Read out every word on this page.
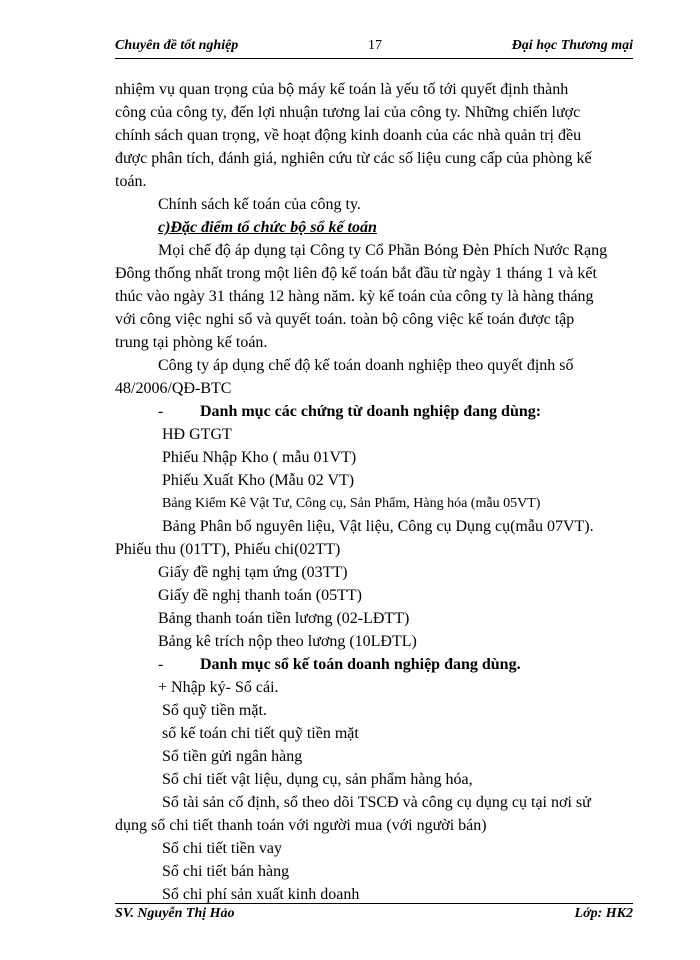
Chuyên đề tốt nghiệp	17	Đại học Thương mại
nhiệm vụ quan trọng của bộ máy kế toán là yếu tố tới quyết định thành
công của công ty, đến lợi nhuận tương lai của công ty. Những chiến lược
chính sách quan trọng, về hoạt động kinh doanh của các nhà quản trị đều
được phân tích, đánh giá, nghiên cứu từ các số liệu cung cấp của phòng kế
toán.
Chính sách kế toán của công ty.
c)Đặc điểm tổ chức bộ sổ kế toán
Mọi chế độ áp dụng tại Công ty Cổ Phần Bóng Đèn Phích Nước Rạng
Đông thống nhất trong một liên độ kế toán bắt đầu từ ngày 1 tháng 1 và kết
thúc vào ngày 31 tháng 12 hàng năm. kỳ kế toán của công ty là hàng tháng
với công việc nghi sổ và quyết toán. toàn bộ công việc kế toán được tập
trung tại phòng kế toán.
Công ty áp dụng chế độ kế toán doanh nghiệp theo quyết định số
48/2006/QĐ-BTC
- Danh mục các chứng từ doanh nghiệp đang dùng:
HĐ GTGT
Phiếu Nhập Kho ( mẫu 01VT)
Phiếu Xuất Kho (Mẫu 02 VT)
Bảng Kiểm Kê Vật Tư, Công cụ, Sản Phẩm, Hàng hóa (mẫu 05VT)
Bảng Phân bổ nguyên liệu, Vật liệu, Công cụ Dụng cụ(mẫu 07VT).
Phiếu thu (01TT), Phiếu chi(02TT)
Giấy đề nghị tạm ứng (03TT)
Giấy đề nghị thanh toán (05TT)
Bảng thanh toán tiền lương (02-LĐTT)
Bảng kê trích nộp theo lương (10LĐTL)
- Danh mục sổ kế toán doanh nghiệp đang dùng.
+ Nhập ký- Sổ cái.
Sổ quỹ tiền mặt.
sổ kế toán chi tiết quỹ tiền mặt
Sổ tiền gửi ngân hàng
Sổ chi tiết vật liệu, dụng cụ, sản phẩm hàng hóa,
Sổ tài sản cố định, sổ theo dõi TSCĐ và công cụ dụng cụ tại nơi sử
dụng sổ chi tiết thanh toán với người mua (với người bán)
Sổ chi tiết tiền vay
Sổ chi tiết bán hàng
Sổ chi phí sản xuất kinh doanh
SV. Nguyễn Thị Hảo	Lớp: HK2
